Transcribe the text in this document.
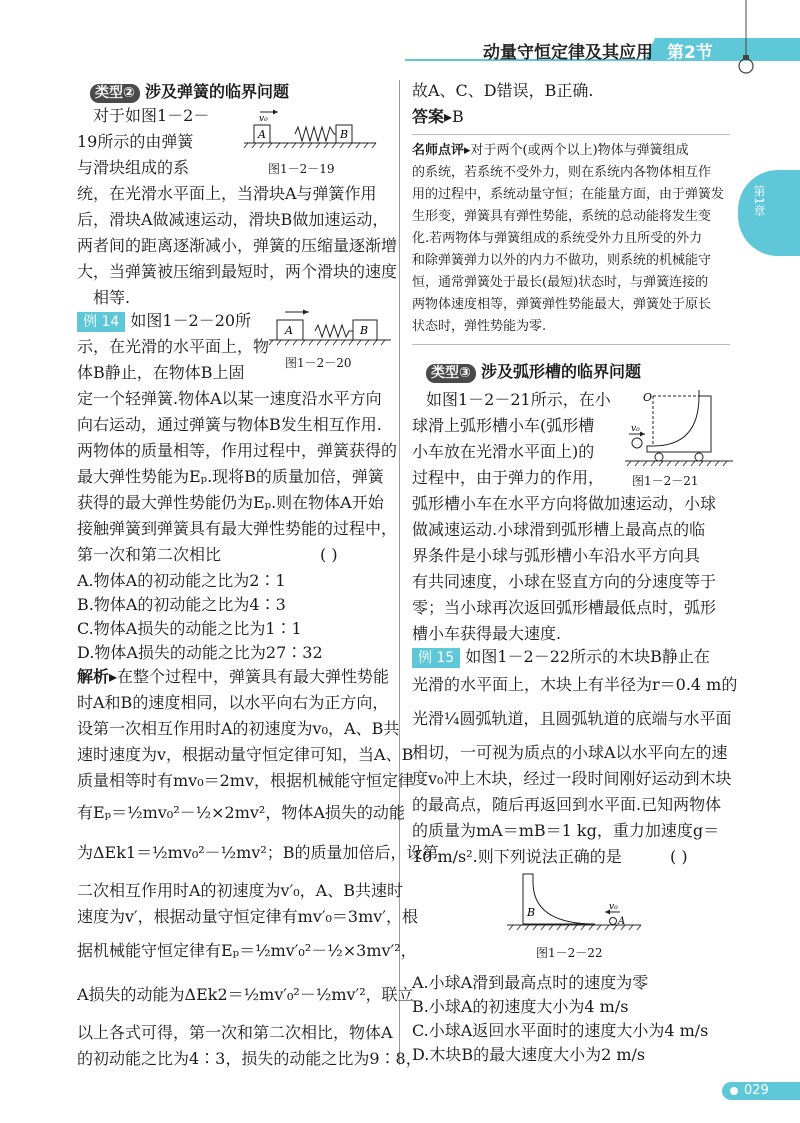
动量守恒定律及其应用 第2节
第1章
类型② 涉及弹簧的临界问题
对于如图1－2－
19所示的由弹簧
与滑块组成的系
统，在光滑水平面上，当滑块A与弹簧作用
后，滑块A做减速运动，滑块B做加速运动，
两者间的距离逐渐减小，弹簧的压缩量逐渐增
大，当弹簧被压缩到最短时，两个滑块的速度
相等.
v₀
A	B
图1－2－19
例 14 如图1－2－20所
示，在光滑的水平面上，物
体B静止，在物体B上固
定一个轻弹簧.物体A以某一速度沿水平方向
向右运动，通过弹簧与物体B发生相互作用.
两物体的质量相等，作用过程中，弹簧获得的
最大弹性势能为Eₚ.现将B的质量加倍，弹簧
获得的最大弹性势能仍为Eₚ.则在物体A开始
接触弹簧到弹簧具有最大弹性势能的过程中，
第一次和第二次相比	( )
A	B
图1－2－20
A.物体A的初动能之比为2∶1
B.物体A的初动能之比为4∶3
C.物体A损失的动能之比为1∶1
D.物体A损失的动能之比为27∶32
解析▸在整个过程中，弹簧具有最大弹性势能
时A和B的速度相同，以水平向右为正方向，
设第一次相互作用时A的初速度为v₀，A、B共
速时速度为v，根据动量守恒定律可知，当A、B
质量相等时有mv₀＝2mv，根据机械能守恒定律
有Eₚ＝½mv₀²－½×2mv²，物体A损失的动能
为ΔEk1＝½mv₀²－½mv²；B的质量加倍后，设第
二次相互作用时A的初速度为v′₀，A、B共速时
速度为v′，根据动量守恒定律有mv′₀＝3mv′，根
据机械能守恒定律有Eₚ＝½mv′₀²－½×3mv′²，
A损失的动能为ΔEk2＝½mv′₀²－½mv′²，联立
以上各式可得，第一次和第二次相比，物体A
的初动能之比为4∶3，损失的动能之比为9∶8，
故A、C、D错误，B正确.
答案▸B
名师点评▸对于两个(或两个以上)物体与弹簧组成
的系统，若系统不受外力，则在系统内各物体相互作
用的过程中，系统动量守恒；在能量方面，由于弹簧发
生形变，弹簧具有弹性势能，系统的总动能将发生变
化.若两物体与弹簧组成的系统受外力且所受的外力
和除弹簧弹力以外的内力不做功，则系统的机械能守
恒，通常弹簧处于最长(最短)状态时，与弹簧连接的
两物体速度相等，弹簧弹性势能最大，弹簧处于原长
状态时，弹性势能为零.
类型③ 涉及弧形槽的临界问题
如图1－2－21所示，在小
球滑上弧形槽小车(弧形槽
小车放在光滑水平面上)的
过程中，由于弹力的作用，
弧形槽小车在水平方向将做加速运动，小球
做减速运动.小球滑到弧形槽上最高点的临
界条件是小球与弧形槽小车沿水平方向具
有共同速度，小球在竖直方向的分速度等于
零；当小球再次返回弧形槽最低点时，弧形
槽小车获得最大速度.
O
v₀
图1－2－21
例 15 如图1－2－22所示的木块B静止在
光滑的水平面上，木块上有半径为r＝0.4 m的
光滑¼圆弧轨道，且圆弧轨道的底端与水平面
相切，一可视为质点的小球A以水平向左的速
度v₀冲上木块，经过一段时间刚好运动到木块
的最高点，随后再返回到水平面.已知两物体
的质量为mA＝mB＝1 kg，重力加速度g＝
10 m/s².则下列说法正确的是	( )
B
A
v₀
图1－2－22
A.小球A滑到最高点时的速度为零
B.小球A的初速度大小为4 m/s
C.小球A返回水平面时的速度大小为4 m/s
D.木块B的最大速度大小为2 m/s
029
